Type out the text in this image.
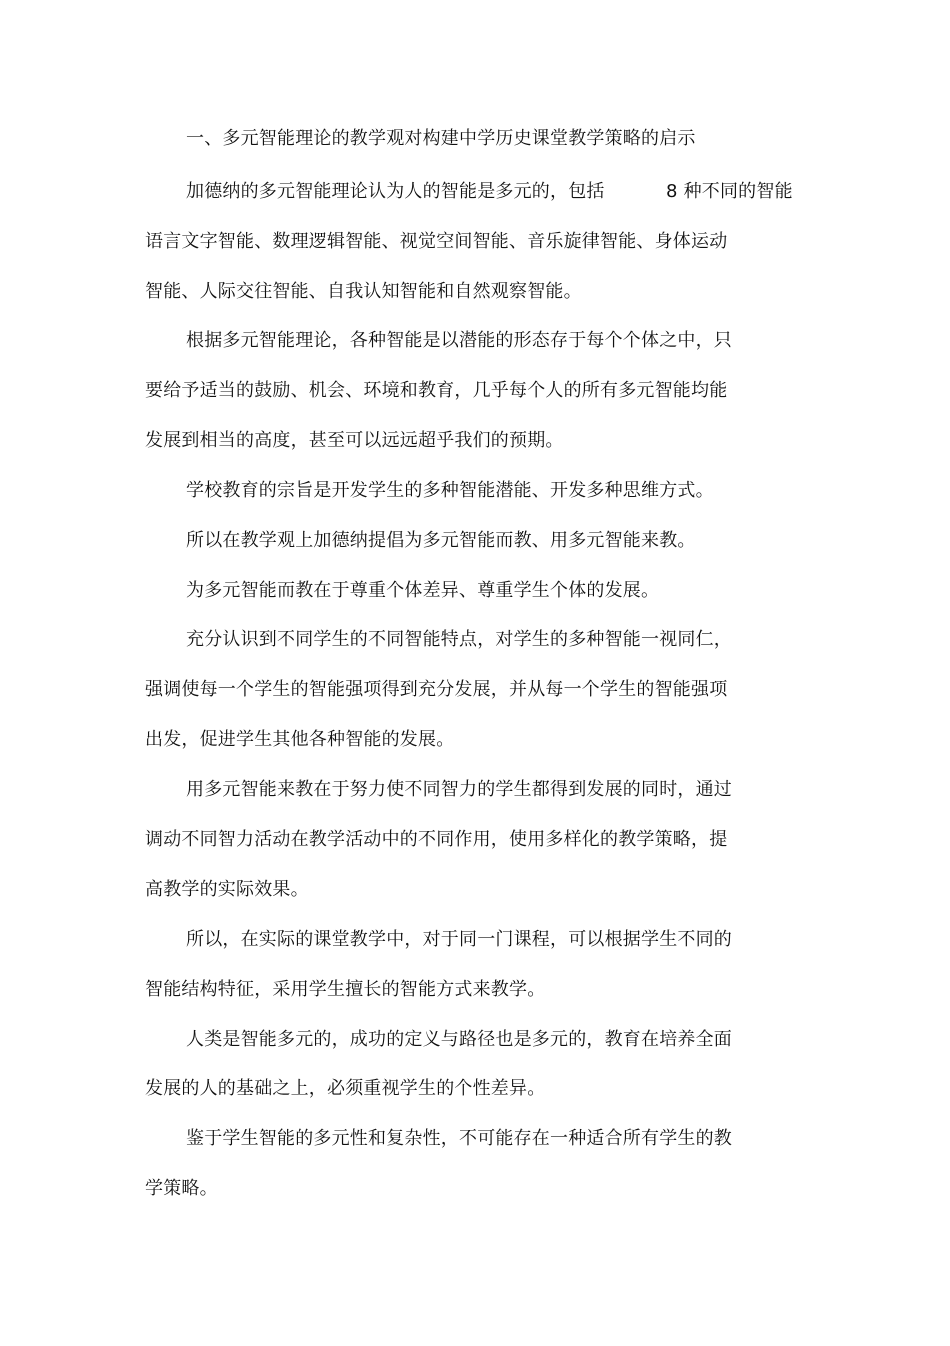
一、多元智能理论的教学观对构建中学历史课堂教学策略的启示
加德纳的多元智能理论认为人的智能是多元的，包括	8 种不同的智能
语言文字智能、数理逻辑智能、视觉空间智能、音乐旋律智能、身体运动
智能、人际交往智能、自我认知智能和自然观察智能。
根据多元智能理论，各种智能是以潜能的形态存于每个个体之中，只
要给予适当的鼓励、机会、环境和教育，几乎每个人的所有多元智能均能
发展到相当的高度，甚至可以远远超乎我们的预期。
学校教育的宗旨是开发学生的多种智能潜能、开发多种思维方式。
所以在教学观上加德纳提倡为多元智能而教、用多元智能来教。
为多元智能而教在于尊重个体差异、尊重学生个体的发展。
充分认识到不同学生的不同智能特点，对学生的多种智能一视同仁，
强调使每一个学生的智能强项得到充分发展，并从每一个学生的智能强项
出发，促进学生其他各种智能的发展。
用多元智能来教在于努力使不同智力的学生都得到发展的同时，通过
调动不同智力活动在教学活动中的不同作用，使用多样化的教学策略，提
高教学的实际效果。
所以，在实际的课堂教学中，对于同一门课程，可以根据学生不同的
智能结构特征，采用学生擅长的智能方式来教学。
人类是智能多元的，成功的定义与路径也是多元的，教育在培养全面
发展的人的基础之上，必须重视学生的个性差异。
鉴于学生智能的多元性和复杂性，不可能存在一种适合所有学生的教
学策略。
